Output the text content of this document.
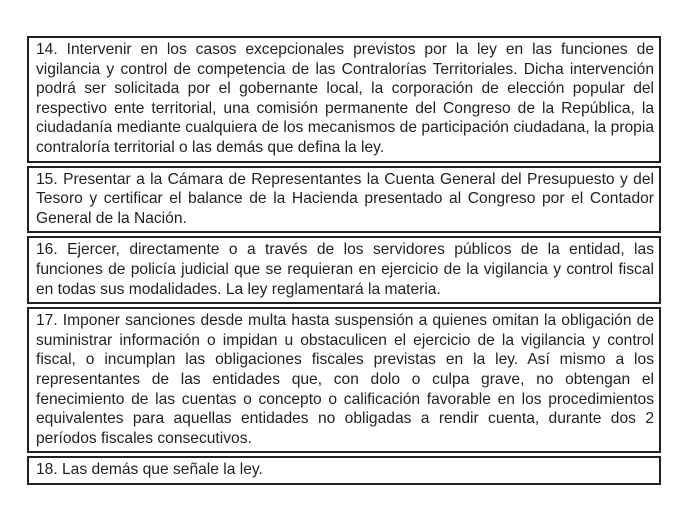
14. Intervenir en los casos excepcionales previstos por la ley en las funciones de vigilancia y control de competencia de las Contralorías Territoriales. Dicha intervención podrá ser solicitada por el gobernante local, la corporación de elección popular del respectivo ente territorial, una comisión permanente del Congreso de la República, la ciudadanía mediante cualquiera de los mecanismos de participación ciudadana, la propia contraloría territorial o las demás que defina la ley.
15. Presentar a la Cámara de Representantes la Cuenta General del Presupuesto y del Tesoro y certificar el balance de la Hacienda presentado al Congreso por el Contador General de la Nación.
16. Ejercer, directamente o a través de los servidores públicos de la entidad, las funciones de policía judicial que se requieran en ejercicio de la vigilancia y control fiscal en todas sus modalidades. La ley reglamentará la materia.
17. Imponer sanciones desde multa hasta suspensión a quienes omitan la obligación de suministrar información o impidan u obstaculicen el ejercicio de la vigilancia y control fiscal, o incumplan las obligaciones fiscales previstas en la ley. Así mismo a los representantes de las entidades que, con dolo o culpa grave, no obtengan el fenecimiento de las cuentas o concepto o calificación favorable en los procedimientos equivalentes para aquellas entidades no obligadas a rendir cuenta, durante dos 2 períodos fiscales consecutivos.
18. Las demás que señale la ley.
